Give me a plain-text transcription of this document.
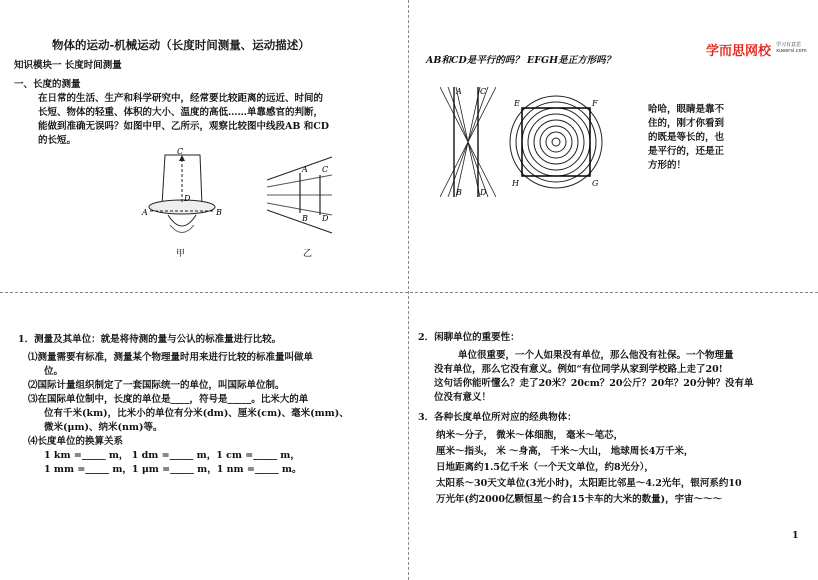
物体的运动-机械运动（长度时间测量、运动描述）
知识模块一 长度时间测量
一、长度的测量
在日常的生活、生产和科学研究中，经常要比较距离的远近、时间的
长短、物体的轻重、体积的大小、温度的高低……单靠感官的判断，
能做到准确无误吗？如图中甲、乙所示，观察比较图中线段AB 和CD
的长短。
C
A	B
D
甲
A C
B D
乙
学而思网校 学习有意思
xueersi.com
AB和CD是平行的吗？ EFGH是正方形吗？
A C
B D
E	F
H	G
哈哈，眼睛是靠不
住的，刚才你看到
的既是等长的，也
是平行的，还是正
方形的！
1．测量及其单位：就是将待测的量与公认的标准量进行比较。
⑴测量需要有标准，测量某个物理量时用来进行比较的标准量叫做单
位。
⑵国际计量组织制定了一套国际统一的单位，叫国际单位制。
⑶在国际单位制中，长度的单位是____，符号是_____。比米大的单
位有千米(km)，比米小的单位有分米(dm)、厘米(cm)、毫米(mm)、
微米(μm)、纳米(nm)等。
⑷长度单位的换算关系
1 km =_____ m， 1 dm =_____ m，1 cm =_____ m，
1 mm =_____ m，1 μm =_____ m，1 nm =_____ m。
2．闲聊单位的重要性：
单位很重要，一个人如果没有单位，那么他没有社保。一个物理量
没有单位，那么它没有意义。例如“有位同学从家到学校路上走了20!
这句话你能听懂么？走了20米？20cm？20公斤？20年？20分钟？没有单
位没有意义！
3．各种长度单位所对应的经典物体：
纳米～分子， 微米～体细胞， 毫米～笔芯，
厘米～指头， 米 ～身高， 千米～大山， 地球周长4万千米，
日地距离约1.5亿千米（一个天文单位，约8光分），
太阳系～30天文单位(3光小时)，太阳距比邻星～4.2光年，银河系约10
万光年(约2000亿颗恒星～约合15卡车的大米的数量)，宇宙～～～
1
